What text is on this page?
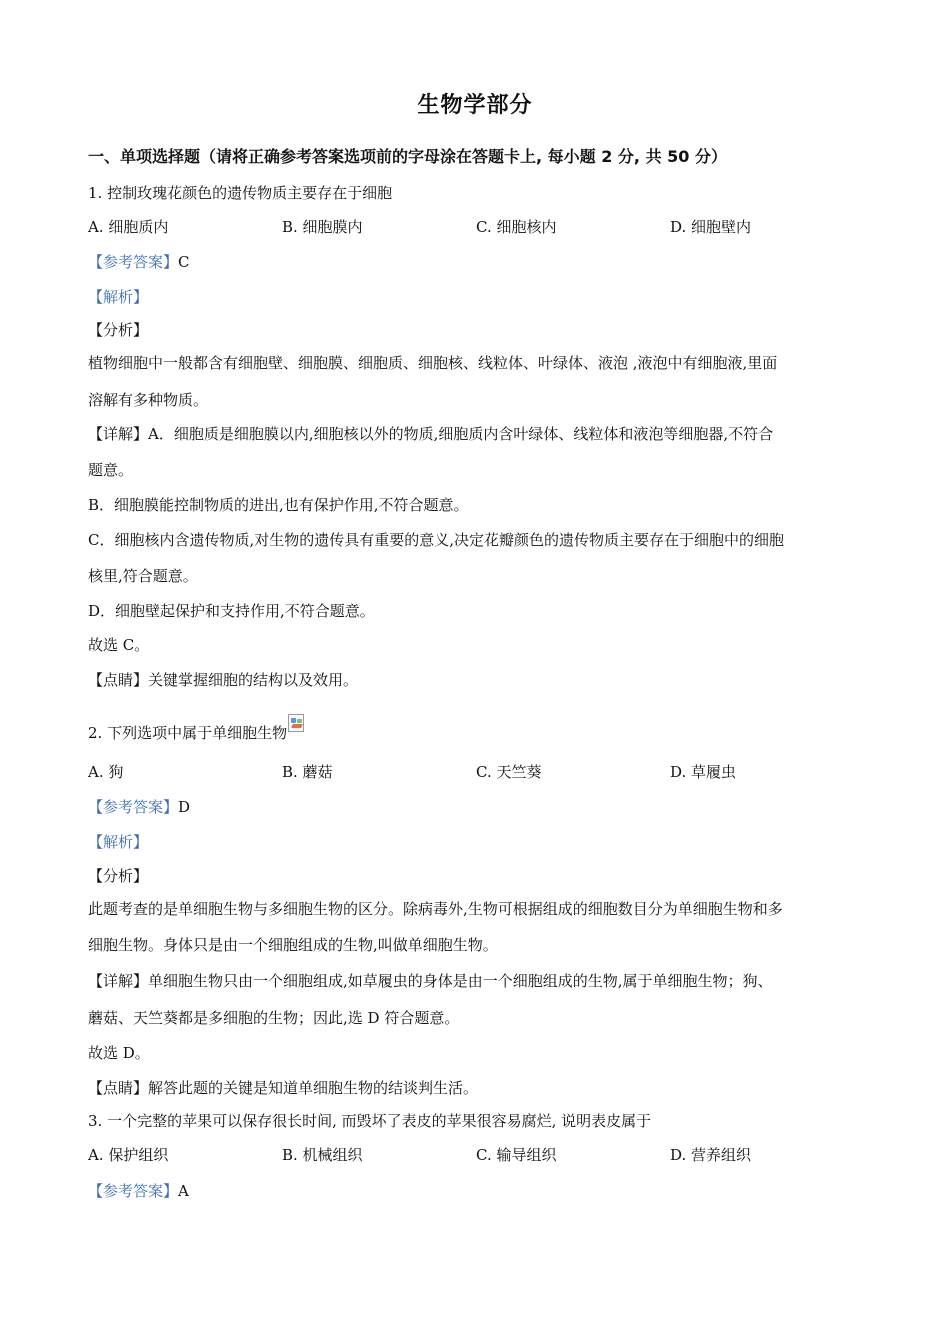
生物学部分
一、单项选择题（请将正确参考答案选项前的字母涂在答题卡上, 每小题 2 分, 共 50 分）
1. 控制玫瑰花颜色的遗传物质主要存在于细胞
A. 细胞质内	B. 细胞膜内	C. 细胞核内	D. 细胞壁内
【参考答案】C
【解析】
【分析】
植物细胞中一般都含有细胞壁、细胞膜、细胞质、细胞核、线粒体、叶绿体、液泡 ,液泡中有细胞液,里面
溶解有多种物质。
【详解】A．细胞质是细胞膜以内,细胞核以外的物质,细胞质内含叶绿体、线粒体和液泡等细胞器,不符合
题意。
B．细胞膜能控制物质的进出,也有保护作用,不符合题意。
C．细胞核内含遗传物质,对生物的遗传具有重要的意义,决定花瓣颜色的遗传物质主要存在于细胞中的细胞
核里,符合题意。
D．细胞壁起保护和支持作用,不符合题意。
故选 C。
【点睛】关键掌握细胞的结构以及效用。
2. 下列选项中属于单细胞生物
A. 狗	B. 蘑菇	C. 天竺葵	D. 草履虫
【参考答案】D
【解析】
【分析】
此题考查的是单细胞生物与多细胞生物的区分。除病毒外,生物可根据组成的细胞数目分为单细胞生物和多
细胞生物。身体只是由一个细胞组成的生物,叫做单细胞生物。
【详解】单细胞生物只由一个细胞组成,如草履虫的身体是由一个细胞组成的生物,属于单细胞生物；狗、
蘑菇、天竺葵都是多细胞的生物；因此,选 D 符合题意。
故选 D。
【点睛】解答此题的关键是知道单细胞生物的结谈判生活。
3. 一个完整的苹果可以保存很长时间, 而毁坏了表皮的苹果很容易腐烂, 说明表皮属于
A. 保护组织	B. 机械组织	C. 输导组织	D. 营养组织
【参考答案】A
